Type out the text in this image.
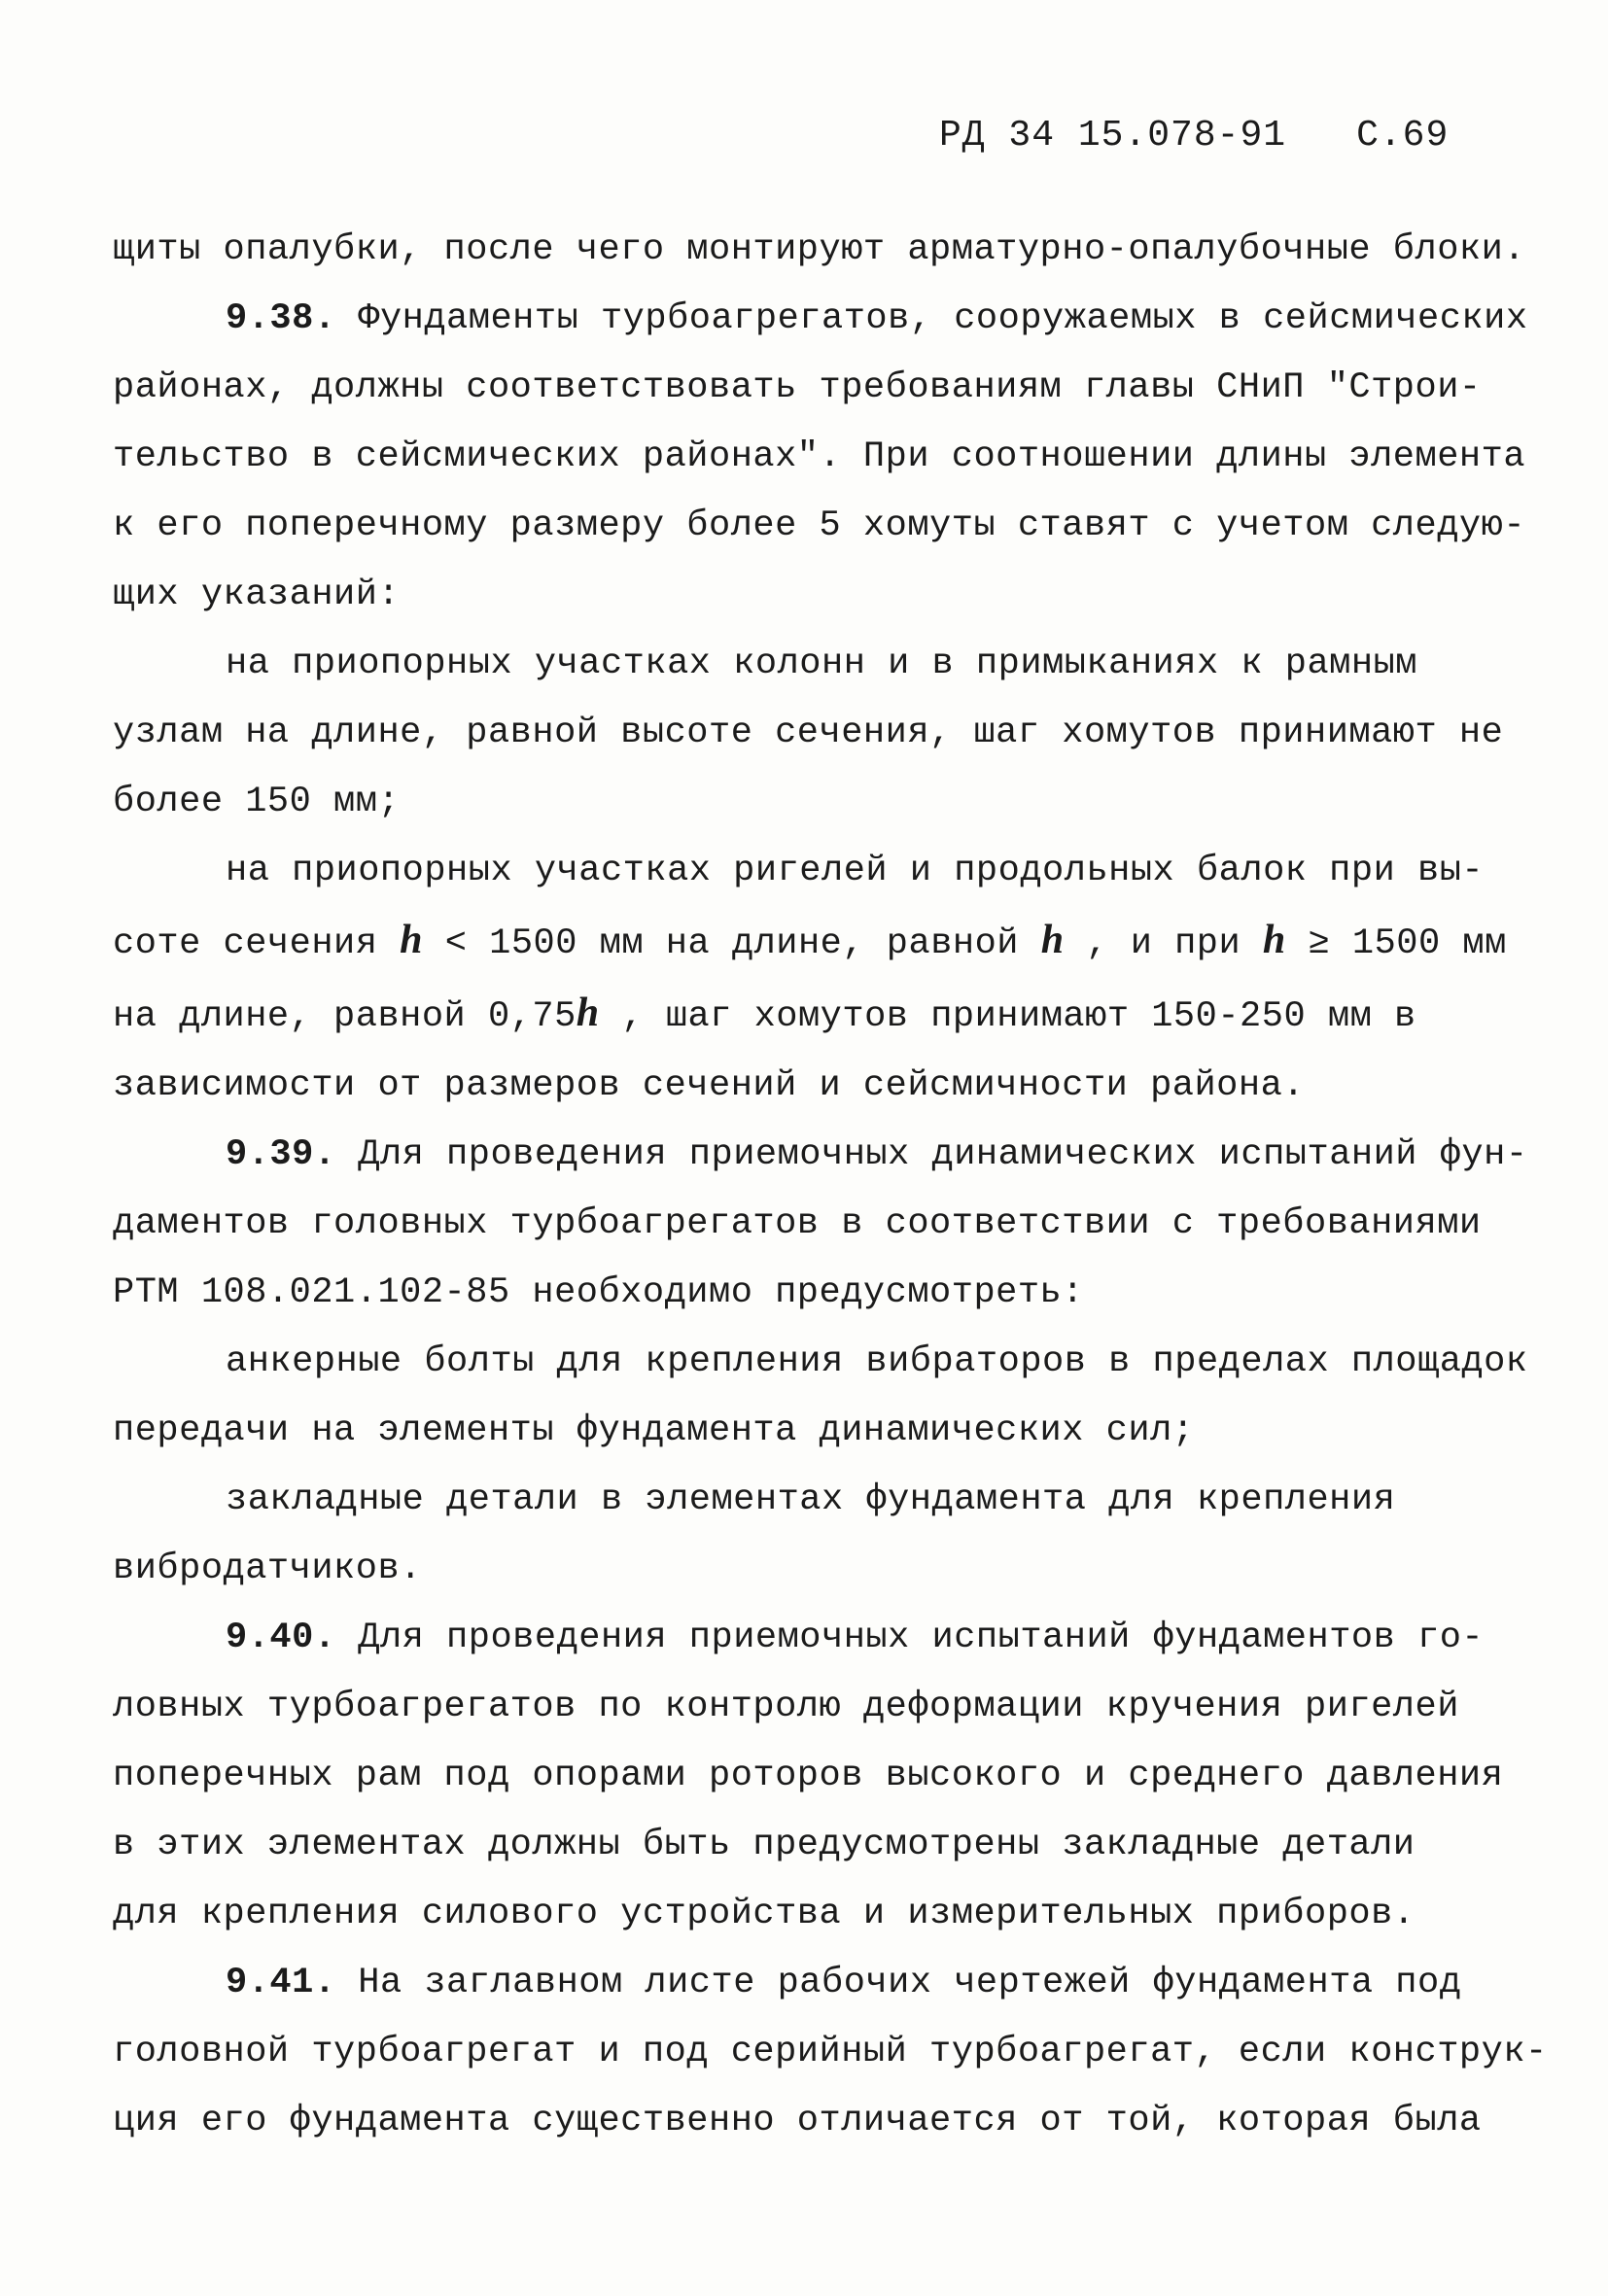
РД 34 15.078-91 С.69

щиты опалубки, после чего монтируют арматурно-опалубочные блоки.

9.38. Фундаменты турбоагрегатов, сооружаемых в сейсмических

районах, должны соответствовать требованиям главы СНиП "Строи-

тельство в сейсмических районах". При соотношении длины элемента

к его поперечному размеру более 5 хомуты ставят с учетом следую-

щих указаний:

на приопорных участках колонн и в примыканиях к рамным

узлам на длине, равной высоте сечения, шаг хомутов принимают не

более 150 мм;

на приопорных участках ригелей и продольных балок при вы-

соте сечения h < 1500 мм на длине, равной h , и при h ≥ 1500 мм

на длине, равной 0,75h , шаг хомутов принимают 150-250 мм в

зависимости от размеров сечений и сейсмичности района.

9.39. Для проведения приемочных динамических испытаний фун-

даментов головных турбоагрегатов в соответствии с требованиями

РТМ 108.021.102-85 необходимо предусмотреть:

анкерные болты для крепления вибраторов в пределах площадок

передачи на элементы фундамента динамических сил;

закладные детали в элементах фундамента для крепления

вибродатчиков.

9.40. Для проведения приемочных испытаний фундаментов го-

ловных турбоагрегатов по контролю деформации кручения ригелей

поперечных рам под опорами роторов высокого и среднего давления

в этих элементах должны быть предусмотрены закладные детали

для крепления силового устройства и измерительных приборов.

9.41. На заглавном листе рабочих чертежей фундамента под

головной турбоагрегат и под серийный турбоагрегат, если конструк-

ция его фундамента существенно отличается от той, которая была
